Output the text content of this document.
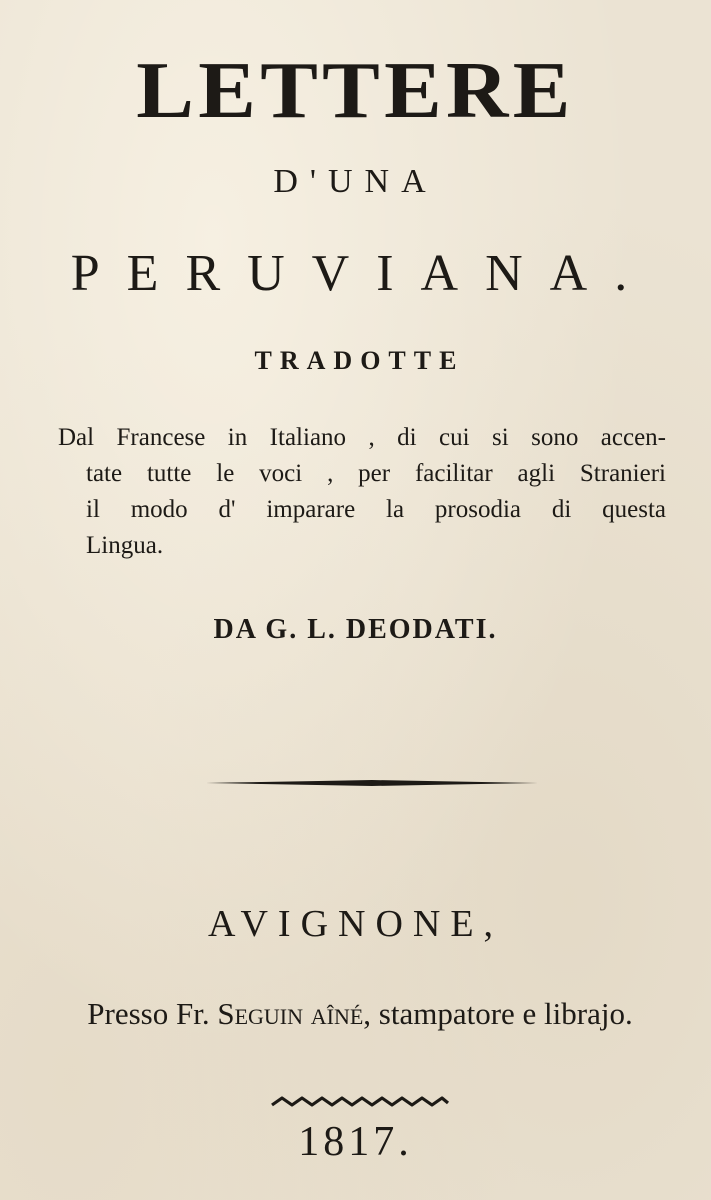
LETTERE
D'UNA
PERUVIANA.
TRADOTTE
Dal Francese in Italiano , di cui si sono accen-
tate tutte le voci , per facilitar agli Stranieri
il modo d' imparare la prosodia di questa
Lingua.
DA G. L. DEODATI.
AVIGNONE,
Presso Fr. Seguin aîné, stampatore e librajo.
1817.
